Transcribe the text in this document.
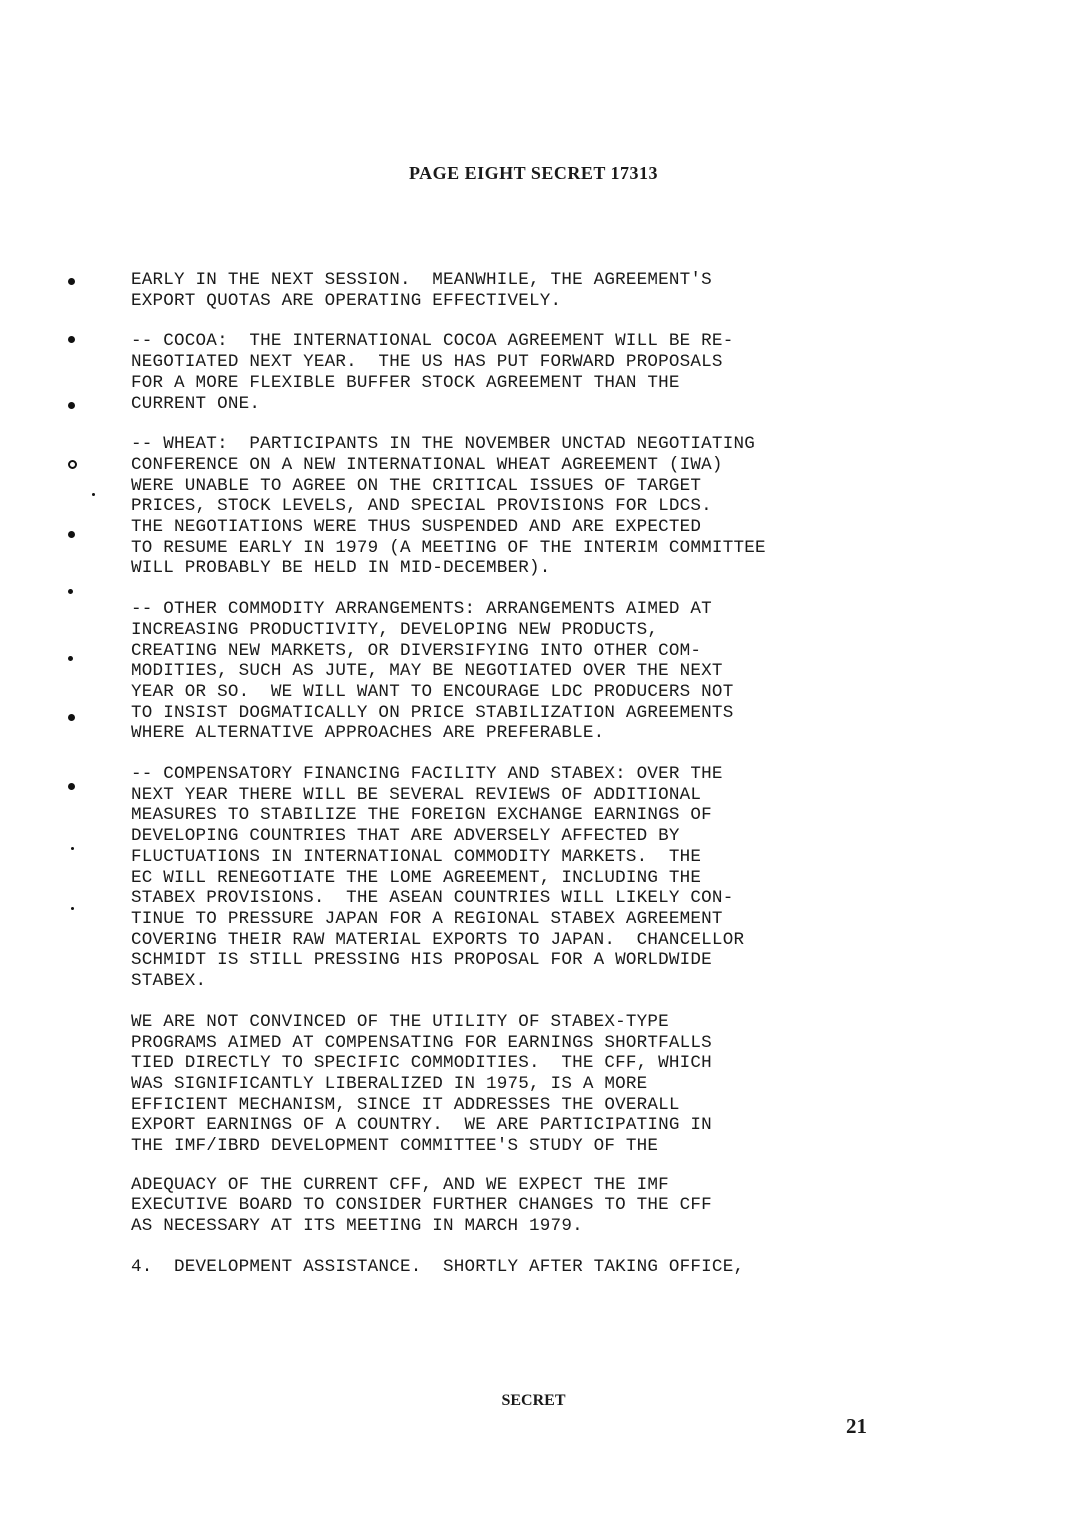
PAGE EIGHT SECRET 17313
EARLY IN THE NEXT SESSION.  MEANWHILE, THE AGREEMENT'S
EXPORT QUOTAS ARE OPERATING EFFECTIVELY.
-- COCOA:  THE INTERNATIONAL COCOA AGREEMENT WILL BE RE-
NEGOTIATED NEXT YEAR.  THE US HAS PUT FORWARD PROPOSALS
FOR A MORE FLEXIBLE BUFFER STOCK AGREEMENT THAN THE
CURRENT ONE.
-- WHEAT:  PARTICIPANTS IN THE NOVEMBER UNCTAD NEGOTIATING
CONFERENCE ON A NEW INTERNATIONAL WHEAT AGREEMENT (IWA)
WERE UNABLE TO AGREE ON THE CRITICAL ISSUES OF TARGET
PRICES, STOCK LEVELS, AND SPECIAL PROVISIONS FOR LDCS.
THE NEGOTIATIONS WERE THUS SUSPENDED AND ARE EXPECTED
TO RESUME EARLY IN 1979 (A MEETING OF THE INTERIM COMMITTEE
WILL PROBABLY BE HELD IN MID-DECEMBER).
-- OTHER COMMODITY ARRANGEMENTS: ARRANGEMENTS AIMED AT
INCREASING PRODUCTIVITY, DEVELOPING NEW PRODUCTS,
CREATING NEW MARKETS, OR DIVERSIFYING INTO OTHER COM-
MODITIES, SUCH AS JUTE, MAY BE NEGOTIATED OVER THE NEXT
YEAR OR SO.  WE WILL WANT TO ENCOURAGE LDC PRODUCERS NOT
TO INSIST DOGMATICALLY ON PRICE STABILIZATION AGREEMENTS
WHERE ALTERNATIVE APPROACHES ARE PREFERABLE.
-- COMPENSATORY FINANCING FACILITY AND STABEX: OVER THE
NEXT YEAR THERE WILL BE SEVERAL REVIEWS OF ADDITIONAL
MEASURES TO STABILIZE THE FOREIGN EXCHANGE EARNINGS OF
DEVELOPING COUNTRIES THAT ARE ADVERSELY AFFECTED BY
FLUCTUATIONS IN INTERNATIONAL COMMODITY MARKETS.  THE
EC WILL RENEGOTIATE THE LOME AGREEMENT, INCLUDING THE
STABEX PROVISIONS.  THE ASEAN COUNTRIES WILL LIKELY CON-
TINUE TO PRESSURE JAPAN FOR A REGIONAL STABEX AGREEMENT
COVERING THEIR RAW MATERIAL EXPORTS TO JAPAN.  CHANCELLOR
SCHMIDT IS STILL PRESSING HIS PROPOSAL FOR A WORLDWIDE
STABEX.
WE ARE NOT CONVINCED OF THE UTILITY OF STABEX-TYPE
PROGRAMS AIMED AT COMPENSATING FOR EARNINGS SHORTFALLS
TIED DIRECTLY TO SPECIFIC COMMODITIES.  THE CFF, WHICH
WAS SIGNIFICANTLY LIBERALIZED IN 1975, IS A MORE
EFFICIENT MECHANISM, SINCE IT ADDRESSES THE OVERALL
EXPORT EARNINGS OF A COUNTRY.  WE ARE PARTICIPATING IN
THE IMF/IBRD DEVELOPMENT COMMITTEE'S STUDY OF THE
ADEQUACY OF THE CURRENT CFF, AND WE EXPECT THE IMF
EXECUTIVE BOARD TO CONSIDER FURTHER CHANGES TO THE CFF
AS NECESSARY AT ITS MEETING IN MARCH 1979.
4.  DEVELOPMENT ASSISTANCE.  SHORTLY AFTER TAKING OFFICE,
SECRET
21
